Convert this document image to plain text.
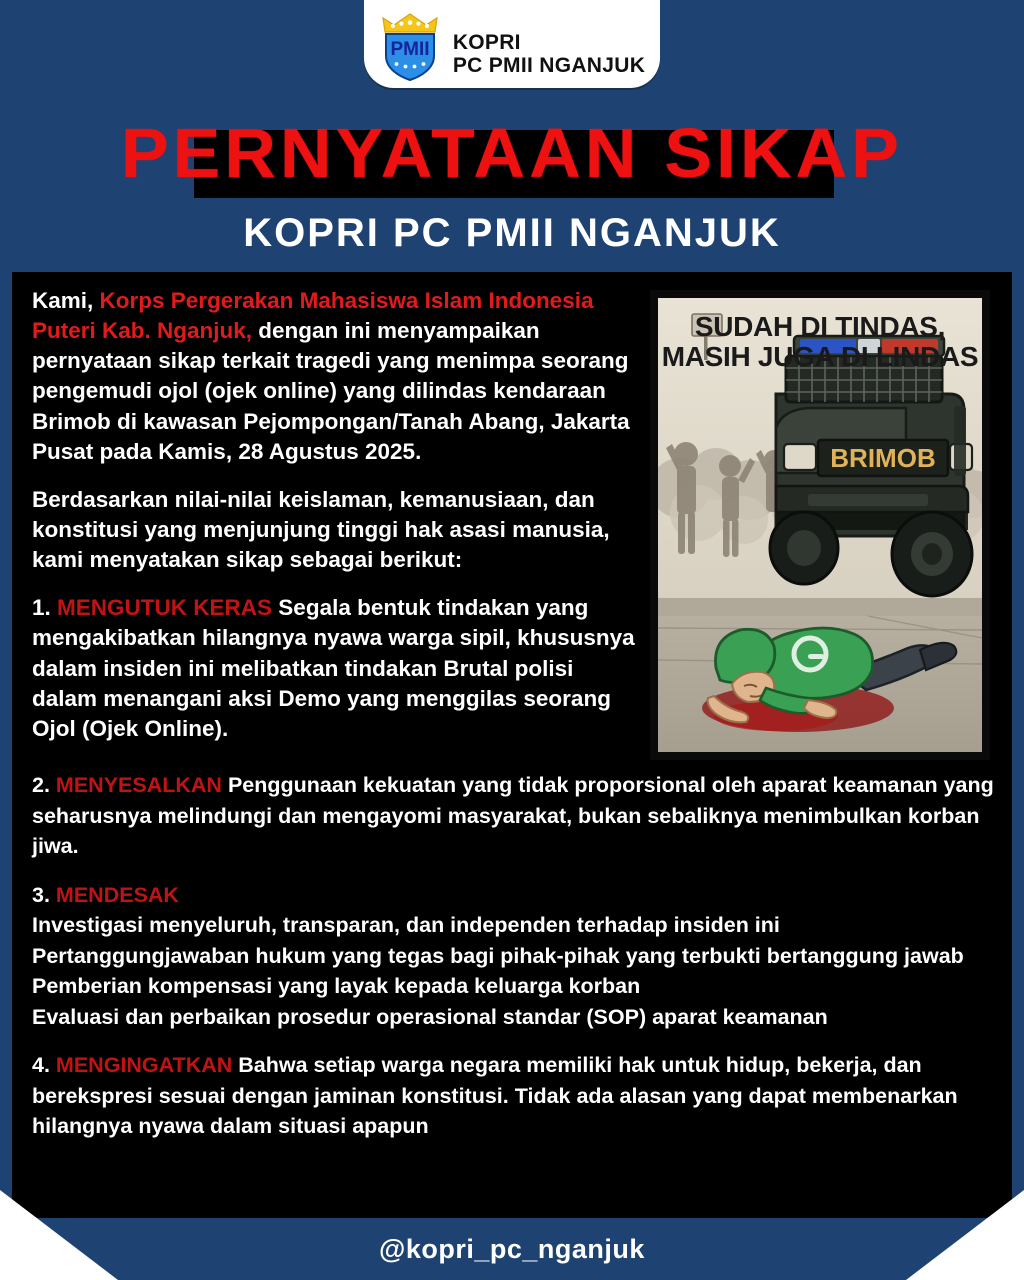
PMII KOPRI
PC PMII NGANJUK
PERNYATAAN SIKAP
KOPRI PC PMII NGANJUK
BRIMOB
SUDAH DI TINDAS,
MASIH JUGA DI LINDAS
Kami, Korps Pergerakan Mahasiswa Islam Indonesia Puteri Kab. Nganjuk, dengan ini menyampaikan pernyataan sikap terkait tragedi yang menimpa seorang pengemudi ojol (ojek online) yang dilindas kendaraan Brimob di kawasan Pejompongan/Tanah Abang, Jakarta Pusat pada Kamis, 28 Agustus 2025.
Berdasarkan nilai-nilai keislaman, kemanusiaan, dan konstitusi yang menjunjung tinggi hak asasi manusia, kami menyatakan sikap sebagai berikut:
1. MENGUTUK KERAS Segala bentuk tindakan yang mengakibatkan hilangnya nyawa warga sipil, khususnya dalam insiden ini melibatkan tindakan Brutal polisi dalam menangani aksi Demo yang menggilas seorang Ojol (Ojek Online).
2. MENYESALKAN Penggunaan kekuatan yang tidak proporsional oleh aparat keamanan yang seharusnya melindungi dan mengayomi masyarakat, bukan sebaliknya menimbulkan korban jiwa.
3. MENDESAK
Investigasi menyeluruh, transparan, dan independen terhadap insiden ini
Pertanggungjawaban hukum yang tegas bagi pihak-pihak yang terbukti bertanggung jawab
Pemberian kompensasi yang layak kepada keluarga korban
Evaluasi dan perbaikan prosedur operasional standar (SOP) aparat keamanan
4. MENGINGATKAN Bahwa setiap warga negara memiliki hak untuk hidup, bekerja, dan berekspresi sesuai dengan jaminan konstitusi. Tidak ada alasan yang dapat membenarkan hilangnya nyawa dalam situasi apapun
@kopri_pc_nganjuk
